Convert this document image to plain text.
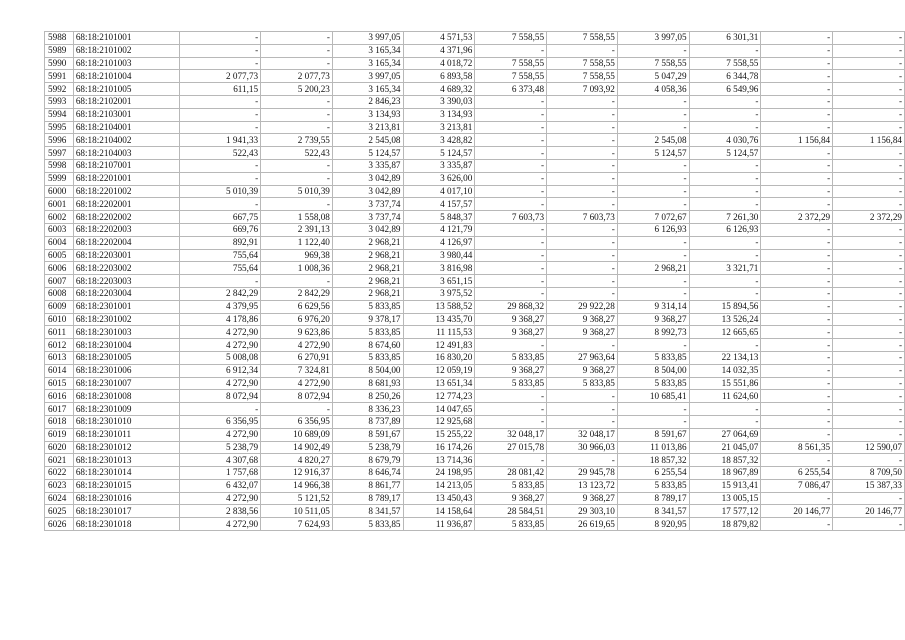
5988	68:18:2101001	-	-	3 997,05	4 571,53	7 558,55	7 558,55	3 997,05	6 301,31	-	-
5989	68:18:2101002	-	-	3 165,34	4 371,96	-	-	-	-	-	-
5990	68:18:2101003	-	-	3 165,34	4 018,72	7 558,55	7 558,55	7 558,55	7 558,55	-	-
5991	68:18:2101004	2 077,73	2 077,73	3 997,05	6 893,58	7 558,55	7 558,55	5 047,29	6 344,78	-	-
5992	68:18:2101005	611,15	5 200,23	3 165,34	4 689,32	6 373,48	7 093,92	4 058,36	6 549,96	-	-
5993	68:18:2102001	-	-	2 846,23	3 390,03	-	-	-	-	-	-
5994	68:18:2103001	-	-	3 134,93	3 134,93	-	-	-	-	-	-
5995	68:18:2104001	-	-	3 213,81	3 213,81	-	-	-	-	-	-
5996	68:18:2104002	1 941,33	2 739,55	2 545,08	3 428,82	-	-	2 545,08	4 030,76	1 156,84	1 156,84
5997	68:18:2104003	522,43	522,43	5 124,57	5 124,57	-	-	5 124,57	5 124,57	-	-
5998	68:18:2107001	-	-	3 335,87	3 335,87	-	-	-	-	-	-
5999	68:18:2201001	-	-	3 042,89	3 626,00	-	-	-	-	-	-
6000	68:18:2201002	5 010,39	5 010,39	3 042,89	4 017,10	-	-	-	-	-	-
6001	68:18:2202001	-	-	3 737,74	4 157,57	-	-	-	-	-	-
6002	68:18:2202002	667,75	1 558,08	3 737,74	5 848,37	7 603,73	7 603,73	7 072,67	7 261,30	2 372,29	2 372,29
6003	68:18:2202003	669,76	2 391,13	3 042,89	4 121,79	-	-	6 126,93	6 126,93	-	-
6004	68:18:2202004	892,91	1 122,40	2 968,21	4 126,97	-	-	-	-	-	-
6005	68:18:2203001	755,64	969,38	2 968,21	3 980,44	-	-	-	-	-	-
6006	68:18:2203002	755,64	1 008,36	2 968,21	3 816,98	-	-	2 968,21	3 321,71	-	-
6007	68:18:2203003	-	-	2 968,21	3 651,15	-	-	-	-	-	-
6008	68:18:2203004	2 842,29	2 842,29	2 968,21	3 975,52	-	-	-	-	-	-
6009	68:18:2301001	4 379,95	6 629,56	5 833,85	13 588,52	29 868,32	29 922,28	9 314,14	15 894,56	-	-
6010	68:18:2301002	4 178,86	6 976,20	9 378,17	13 435,70	9 368,27	9 368,27	9 368,27	13 526,24	-	-
6011	68:18:2301003	4 272,90	9 623,86	5 833,85	11 115,53	9 368,27	9 368,27	8 992,73	12 665,65	-	-
6012	68:18:2301004	4 272,90	4 272,90	8 674,60	12 491,83	-	-	-	-	-	-
6013	68:18:2301005	5 008,08	6 270,91	5 833,85	16 830,20	5 833,85	27 963,64	5 833,85	22 134,13	-	-
6014	68:18:2301006	6 912,34	7 324,81	8 504,00	12 059,19	9 368,27	9 368,27	8 504,00	14 032,35	-	-
6015	68:18:2301007	4 272,90	4 272,90	8 681,93	13 651,34	5 833,85	5 833,85	5 833,85	15 551,86	-	-
6016	68:18:2301008	8 072,94	8 072,94	8 250,26	12 774,23	-	-	10 685,41	11 624,60	-	-
6017	68:18:2301009	-	-	8 336,23	14 047,65	-	-	-	-	-	-
6018	68:18:2301010	6 356,95	6 356,95	8 737,89	12 925,68	-	-	-	-	-	-
6019	68:18:2301011	4 272,90	10 689,09	8 591,67	15 255,22	32 048,17	32 048,17	8 591,67	27 064,69	-	-
6020	68:18:2301012	5 238,79	14 902,49	5 238,79	16 174,26	27 015,78	30 966,03	11 013,86	21 045,07	8 561,35	12 590,07
6021	68:18:2301013	4 307,68	4 820,27	8 679,79	13 714,36	-	-	18 857,32	18 857,32	-	-
6022	68:18:2301014	1 757,68	12 916,37	8 646,74	24 198,95	28 081,42	29 945,78	6 255,54	18 967,89	6 255,54	8 709,50
6023	68:18:2301015	6 432,07	14 966,38	8 861,77	14 213,05	5 833,85	13 123,72	5 833,85	15 913,41	7 086,47	15 387,33
6024	68:18:2301016	4 272,90	5 121,52	8 789,17	13 450,43	9 368,27	9 368,27	8 789,17	13 005,15	-	-
6025	68:18:2301017	2 838,56	10 511,05	8 341,57	14 158,64	28 584,51	29 303,10	8 341,57	17 577,12	20 146,77	20 146,77
6026	68:18:2301018	4 272,90	7 624,93	5 833,85	11 936,87	5 833,85	26 619,65	8 920,95	18 879,82	-	-
